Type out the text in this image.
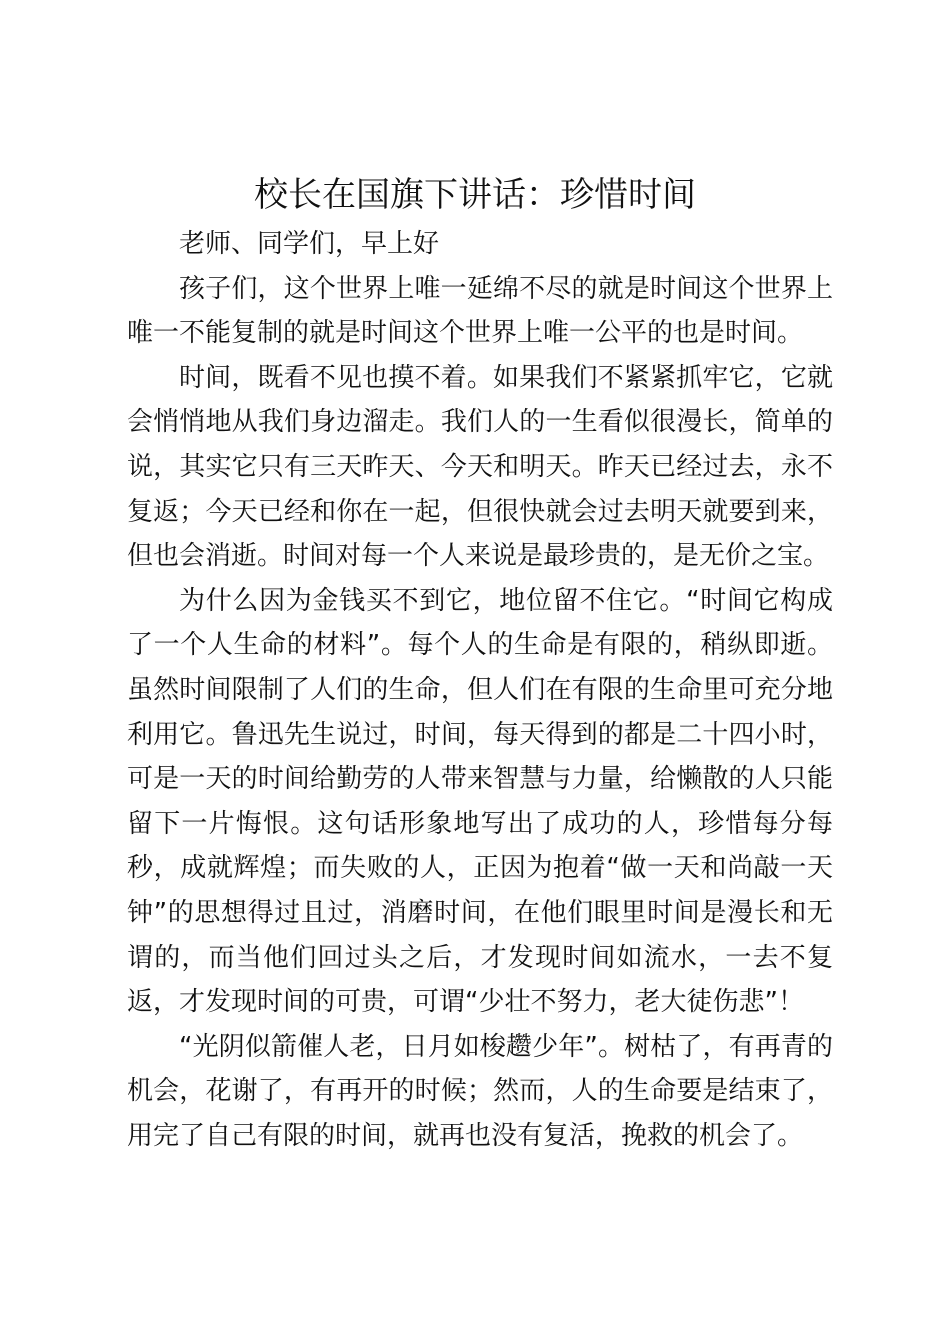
校长在国旗下讲话：珍惜时间

老师、同学们，早上好

孩子们，这个世界上唯一延绵不尽的就是时间这个世界上唯一不能复制的就是时间这个世界上唯一公平的也是时间。

时间，既看不见也摸不着。如果我们不紧紧抓牢它，它就会悄悄地从我们身边溜走。我们人的一生看似很漫长，简单的说，其实它只有三天昨天、今天和明天。昨天已经过去，永不复返；今天已经和你在一起，但很快就会过去明天就要到来，但也会消逝。时间对每一个人来说是最珍贵的，是无价之宝。

为什么因为金钱买不到它，地位留不住它。“时间它构成了一个人生命的材料”。每个人的生命是有限的，稍纵即逝。虽然时间限制了人们的生命，但人们在有限的生命里可充分地利用它。鲁迅先生说过，时间，每天得到的都是二十四小时，可是一天的时间给勤劳的人带来智慧与力量，给懒散的人只能留下一片悔恨。这句话形象地写出了成功的人，珍惜每分每秒，成就辉煌；而失败的人，正因为抱着“做一天和尚敲一天钟”的思想得过且过，消磨时间，在他们眼里时间是漫长和无谓的，而当他们回过头之后，才发现时间如流水，一去不复返，才发现时间的可贵，可谓“少壮不努力，老大徒伤悲”！

“光阴似箭催人老，日月如梭趱少年”。树枯了，有再青的机会，花谢了，有再开的时候；然而，人的生命要是结束了，用完了自己有限的时间，就再也没有复活，挽救的机会了。
